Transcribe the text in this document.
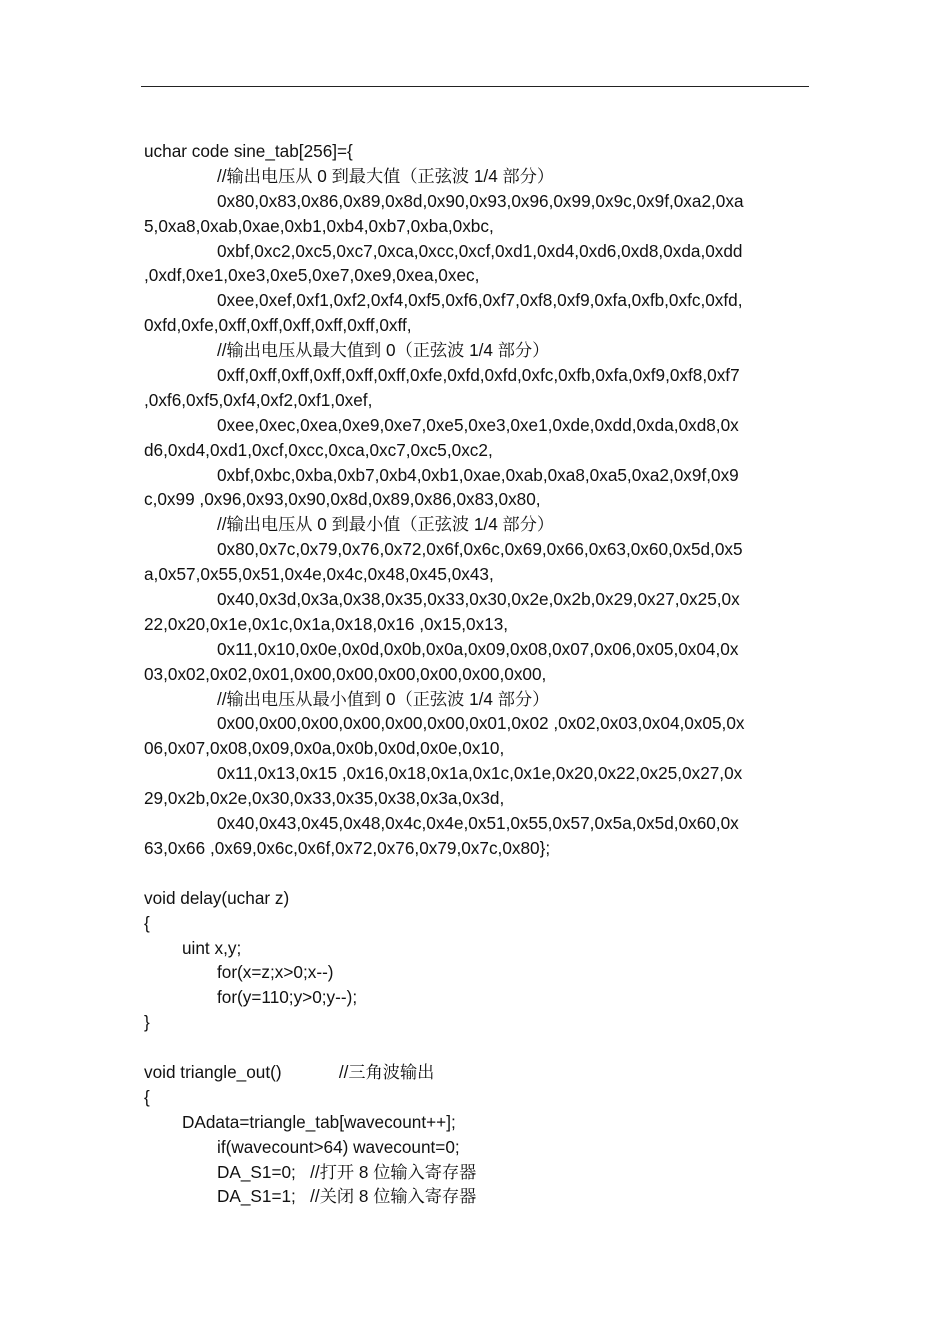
uchar code sine_tab[256]={
//输出电压从 0 到最大值（正弦波 1/4 部分）
0x80,0x83,0x86,0x89,0x8d,0x90,0x93,0x96,0x99,0x9c,0x9f,0xa2,0xa
5,0xa8,0xab,0xae,0xb1,0xb4,0xb7,0xba,0xbc,
0xbf,0xc2,0xc5,0xc7,0xca,0xcc,0xcf,0xd1,0xd4,0xd6,0xd8,0xda,0xdd
,0xdf,0xe1,0xe3,0xe5,0xe7,0xe9,0xea,0xec,
0xee,0xef,0xf1,0xf2,0xf4,0xf5,0xf6,0xf7,0xf8,0xf9,0xfa,0xfb,0xfc,0xfd,
0xfd,0xfe,0xff,0xff,0xff,0xff,0xff,0xff,
//输出电压从最大值到 0（正弦波 1/4 部分）
0xff,0xff,0xff,0xff,0xff,0xff,0xfe,0xfd,0xfd,0xfc,0xfb,0xfa,0xf9,0xf8,0xf7
,0xf6,0xf5,0xf4,0xf2,0xf1,0xef,
0xee,0xec,0xea,0xe9,0xe7,0xe5,0xe3,0xe1,0xde,0xdd,0xda,0xd8,0x
d6,0xd4,0xd1,0xcf,0xcc,0xca,0xc7,0xc5,0xc2,
0xbf,0xbc,0xba,0xb7,0xb4,0xb1,0xae,0xab,0xa8,0xa5,0xa2,0x9f,0x9
c,0x99 ,0x96,0x93,0x90,0x8d,0x89,0x86,0x83,0x80,
//输出电压从 0 到最小值（正弦波 1/4 部分）
0x80,0x7c,0x79,0x76,0x72,0x6f,0x6c,0x69,0x66,0x63,0x60,0x5d,0x5
a,0x57,0x55,0x51,0x4e,0x4c,0x48,0x45,0x43,
0x40,0x3d,0x3a,0x38,0x35,0x33,0x30,0x2e,0x2b,0x29,0x27,0x25,0x
22,0x20,0x1e,0x1c,0x1a,0x18,0x16 ,0x15,0x13,
0x11,0x10,0x0e,0x0d,0x0b,0x0a,0x09,0x08,0x07,0x06,0x05,0x04,0x
03,0x02,0x02,0x01,0x00,0x00,0x00,0x00,0x00,0x00,
//输出电压从最小值到 0（正弦波 1/4 部分）
0x00,0x00,0x00,0x00,0x00,0x00,0x01,0x02 ,0x02,0x03,0x04,0x05,0x
06,0x07,0x08,0x09,0x0a,0x0b,0x0d,0x0e,0x10,
0x11,0x13,0x15 ,0x16,0x18,0x1a,0x1c,0x1e,0x20,0x22,0x25,0x27,0x
29,0x2b,0x2e,0x30,0x33,0x35,0x38,0x3a,0x3d,
0x40,0x43,0x45,0x48,0x4c,0x4e,0x51,0x55,0x57,0x5a,0x5d,0x60,0x
63,0x66 ,0x69,0x6c,0x6f,0x72,0x76,0x79,0x7c,0x80};
void delay(uchar z)
{
uint x,y;
for(x=z;x>0;x--)
for(y=110;y>0;y--);
}
void triangle_out()            //三角波输出
{
DAdata=triangle_tab[wavecount++];
if(wavecount>64) wavecount=0;
DA_S1=0;   //打开 8 位输入寄存器
DA_S1=1;   //关闭 8 位输入寄存器
